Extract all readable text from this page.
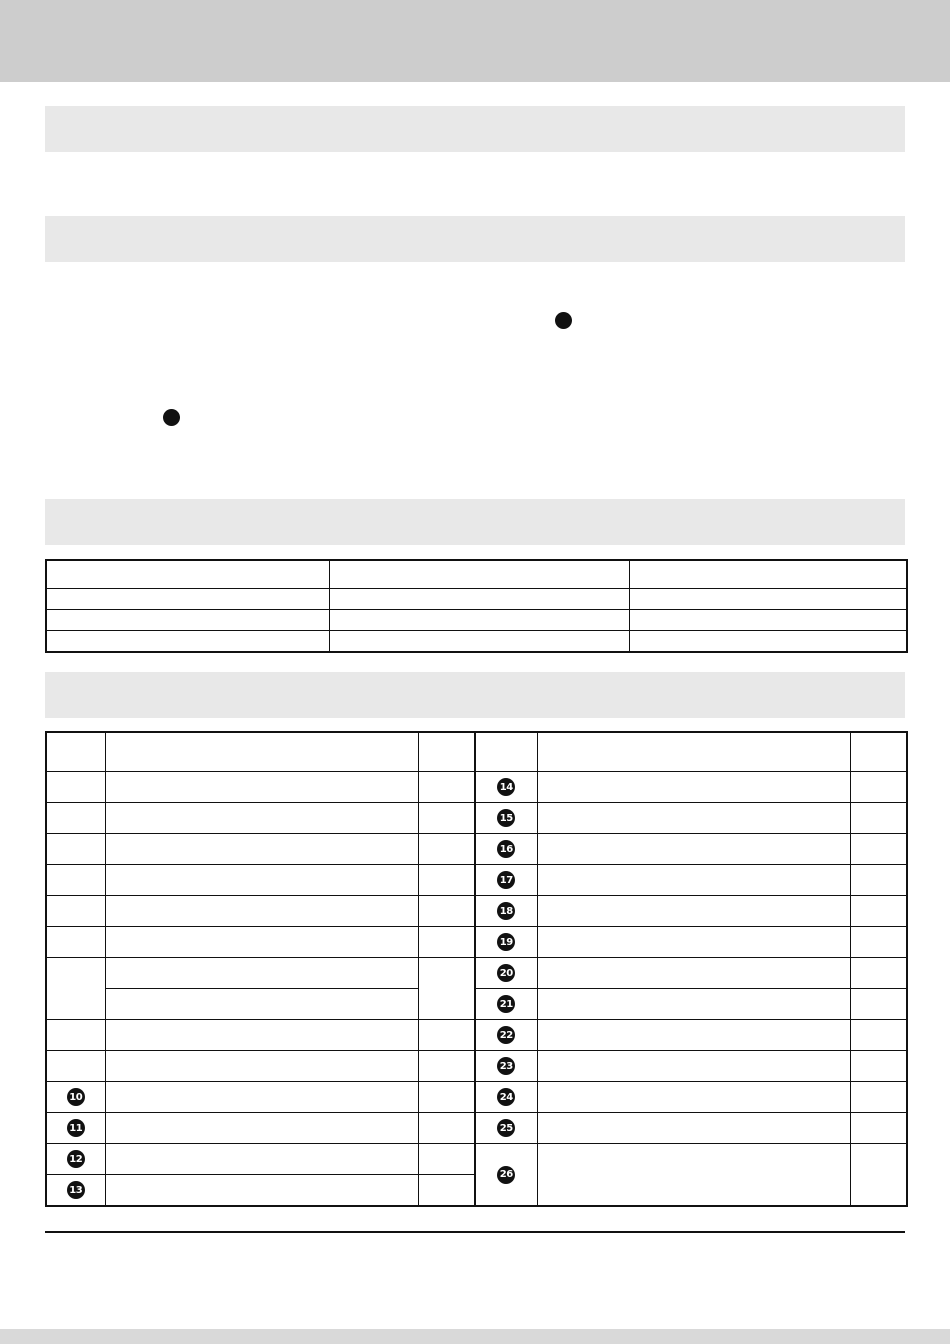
			14		
			15		
			16		
			17		
			18		
			19		
			20		
			21		
			22		
			23		
10			24		
11			25		
12			26		
13					
